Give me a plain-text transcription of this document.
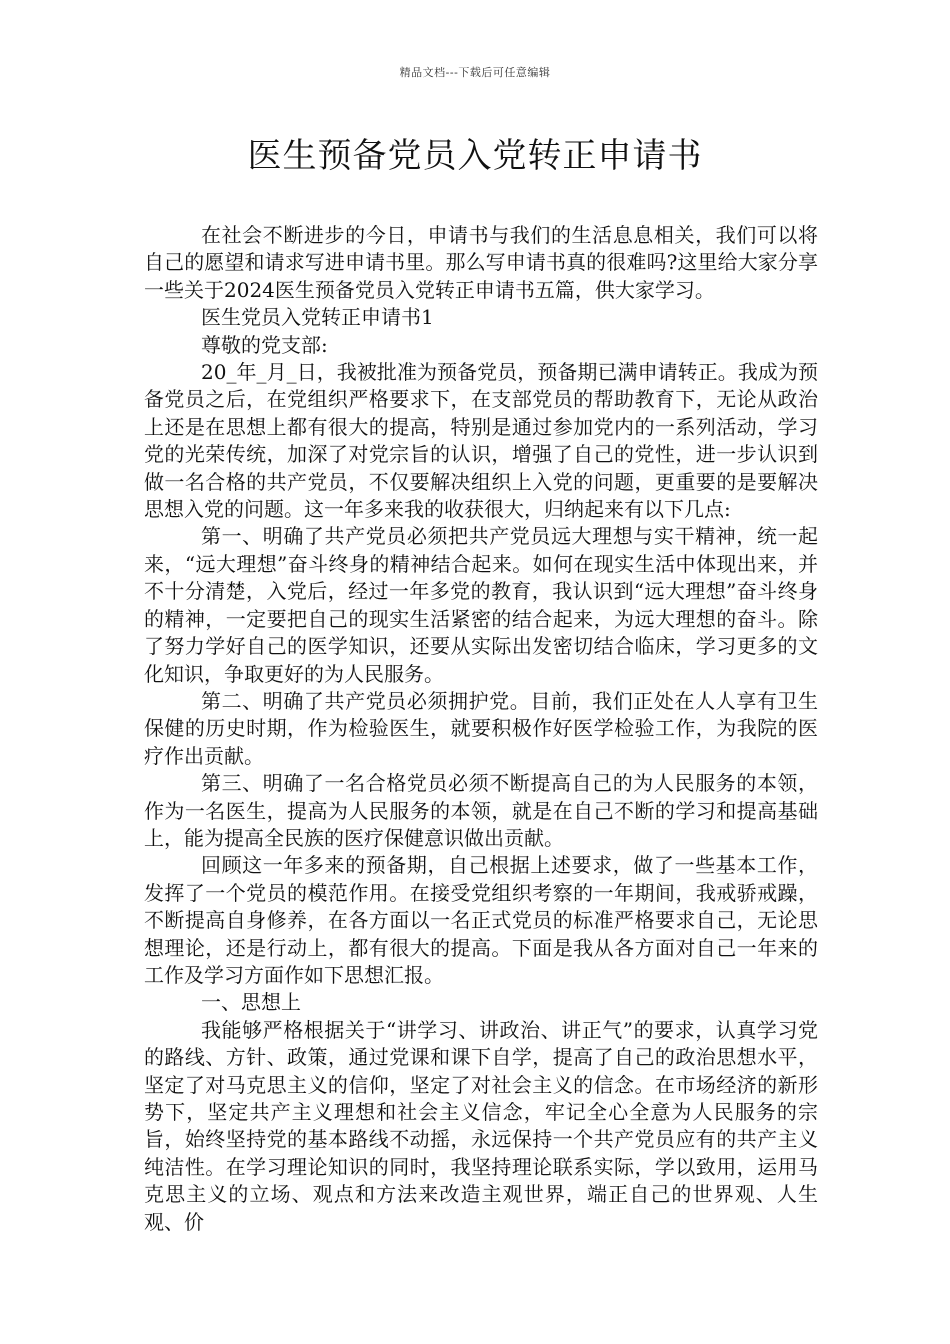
精品文档---下载后可任意编辑
医生预备党员入党转正申请书

在社会不断进步的今日，申请书与我们的生活息息相关，我们可以将自己的愿望和请求写进申请书里。那么写申请书真的很难吗?这里给大家分享一些关于2024医生预备党员入党转正申请书五篇，供大家学习。

医生党员入党转正申请书1

尊敬的党支部:

20_年_月_日，我被批准为预备党员，预备期已满申请转正。我成为预备党员之后，在党组织严格要求下，在支部党员的帮助教育下，无论从政治上还是在思想上都有很大的提高，特别是通过参加党内的一系列活动，学习党的光荣传统，加深了对党宗旨的认识，增强了自己的党性，进一步认识到做一名合格的共产党员，不仅要解决组织上入党的问题，更重要的是要解决思想入党的问题。这一年多来我的收获很大，归纳起来有以下几点:

第一、明确了共产党员必须把共产党员远大理想与实干精神，统一起来，“远大理想”奋斗终身的精神结合起来。如何在现实生活中体现出来，并不十分清楚，入党后，经过一年多党的教育，我认识到“远大理想”奋斗终身的精神，一定要把自己的现实生活紧密的结合起来，为远大理想的奋斗。除了努力学好自己的医学知识，还要从实际出发密切结合临床，学习更多的文化知识，争取更好的为人民服务。

第二、明确了共产党员必须拥护党。目前，我们正处在人人享有卫生保健的历史时期，作为检验医生，就要积极作好医学检验工作，为我院的医疗作出贡献。

第三、明确了一名合格党员必须不断提高自己的为人民服务的本领，作为一名医生，提高为人民服务的本领，就是在自己不断的学习和提高基础上，能为提高全民族的医疗保健意识做出贡献。

回顾这一年多来的预备期，自己根据上述要求，做了一些基本工作，发挥了一个党员的模范作用。在接受党组织考察的一年期间，我戒骄戒躁，不断提高自身修养，在各方面以一名正式党员的标准严格要求自己，无论思想理论，还是行动上，都有很大的提高。下面是我从各方面对自己一年来的工作及学习方面作如下思想汇报。

一、思想上

我能够严格根据关于“讲学习、讲政治、讲正气”的要求，认真学习党的路线、方针、政策，通过党课和课下自学，提高了自己的政治思想水平，坚定了对马克思主义的信仰，坚定了对社会主义的信念。在市场经济的新形势下，坚定共产主义理想和社会主义信念，牢记全心全意为人民服务的宗旨，始终坚持党的基本路线不动摇，永远保持一个共产党员应有的共产主义纯洁性。在学习理论知识的同时，我坚持理论联系实际，学以致用，运用马克思主义的立场、观点和方法来改造主观世界，端正自己的世界观、人生观、价
